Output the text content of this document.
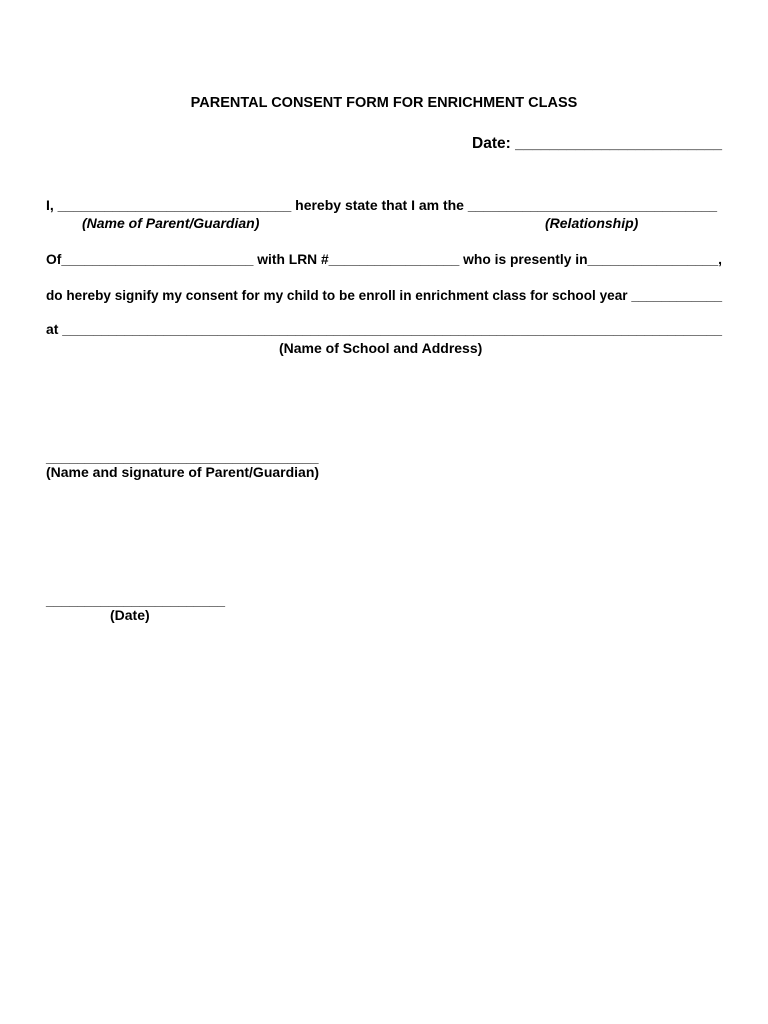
PARENTAL CONSENT FORM FOR ENRICHMENT CLASS
Date: ________________________
I, ______________________________ hereby state that I am the ________________________________
(Name of Parent/Guardian)	(Relationship)
Of_________________________ with LRN #_________________ who is presently in_________________,
do hereby signify my consent for my child to be enroll in enrichment class for school year ____________
at _____________________________________________________________________________________
(Name of School and Address)
___________________________________
(Name and signature of Parent/Guardian)
_______________________
(Date)
